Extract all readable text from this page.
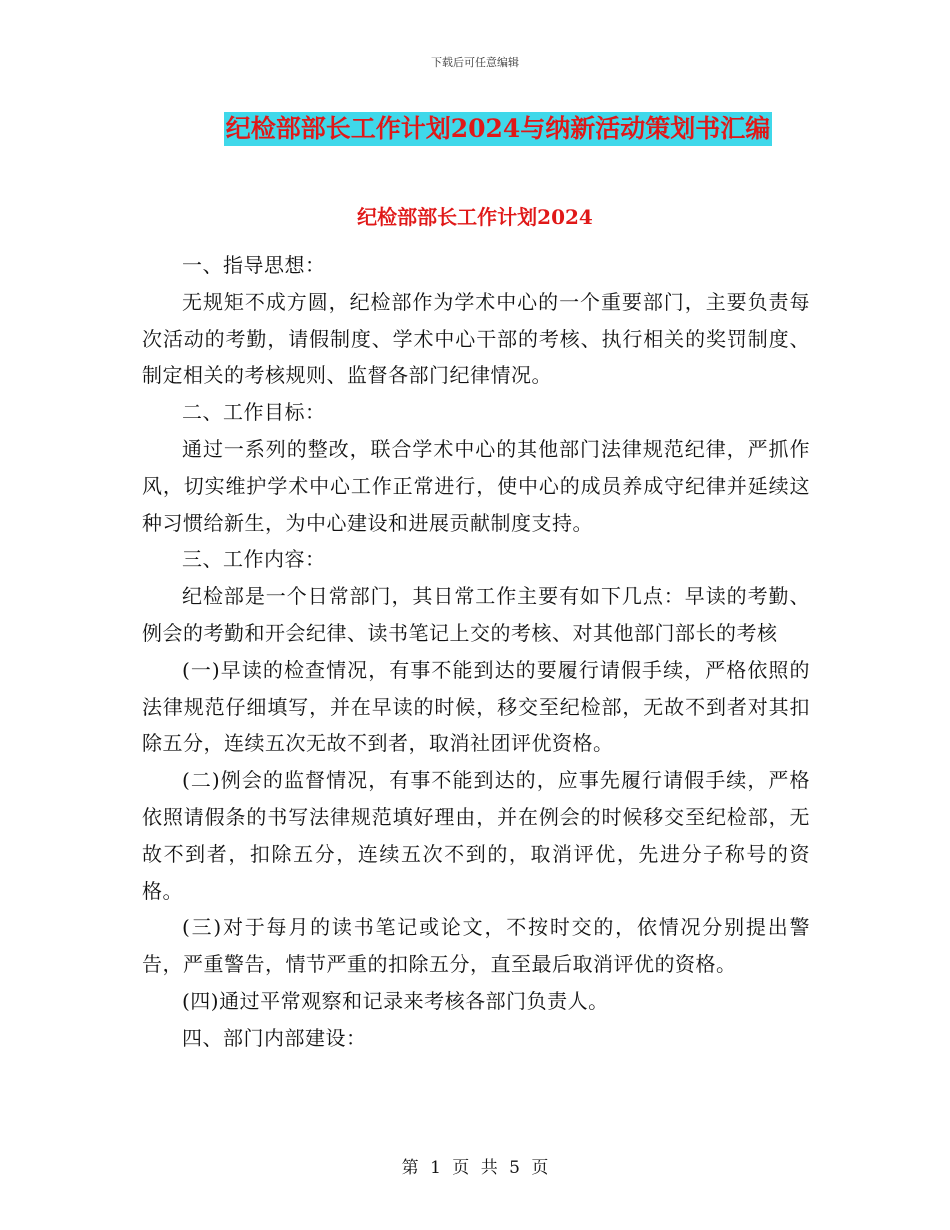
下载后可任意编辑
纪检部部长工作计划2024与纳新活动策划书汇编
纪检部部长工作计划2024

一、指导思想：

无规矩不成方圆，纪检部作为学术中心的一个重要部门，主要负责每次活动的考勤，请假制度、学术中心干部的考核、执行相关的奖罚制度、制定相关的考核规则、监督各部门纪律情况。

二、工作目标：

通过一系列的整改，联合学术中心的其他部门法律规范纪律，严抓作风，切实维护学术中心工作正常进行，使中心的成员养成守纪律并延续这种习惯给新生，为中心建设和进展贡献制度支持。

三、工作内容：

纪检部是一个日常部门，其日常工作主要有如下几点：早读的考勤、例会的考勤和开会纪律、读书笔记上交的考核、对其他部门部长的考核

(一)早读的检查情况，有事不能到达的要履行请假手续，严格依照的法律规范仔细填写，并在早读的时候，移交至纪检部，无故不到者对其扣除五分，连续五次无故不到者，取消社团评优资格。

(二)例会的监督情况，有事不能到达的，应事先履行请假手续，严格依照请假条的书写法律规范填好理由，并在例会的时候移交至纪检部，无故不到者，扣除五分，连续五次不到的，取消评优，先进分子称号的资格。

(三)对于每月的读书笔记或论文，不按时交的，依情况分别提出警告，严重警告，情节严重的扣除五分，直至最后取消评优的资格。

(四)通过平常观察和记录来考核各部门负责人。

四、部门内部建设：

第 1 页 共 5 页
